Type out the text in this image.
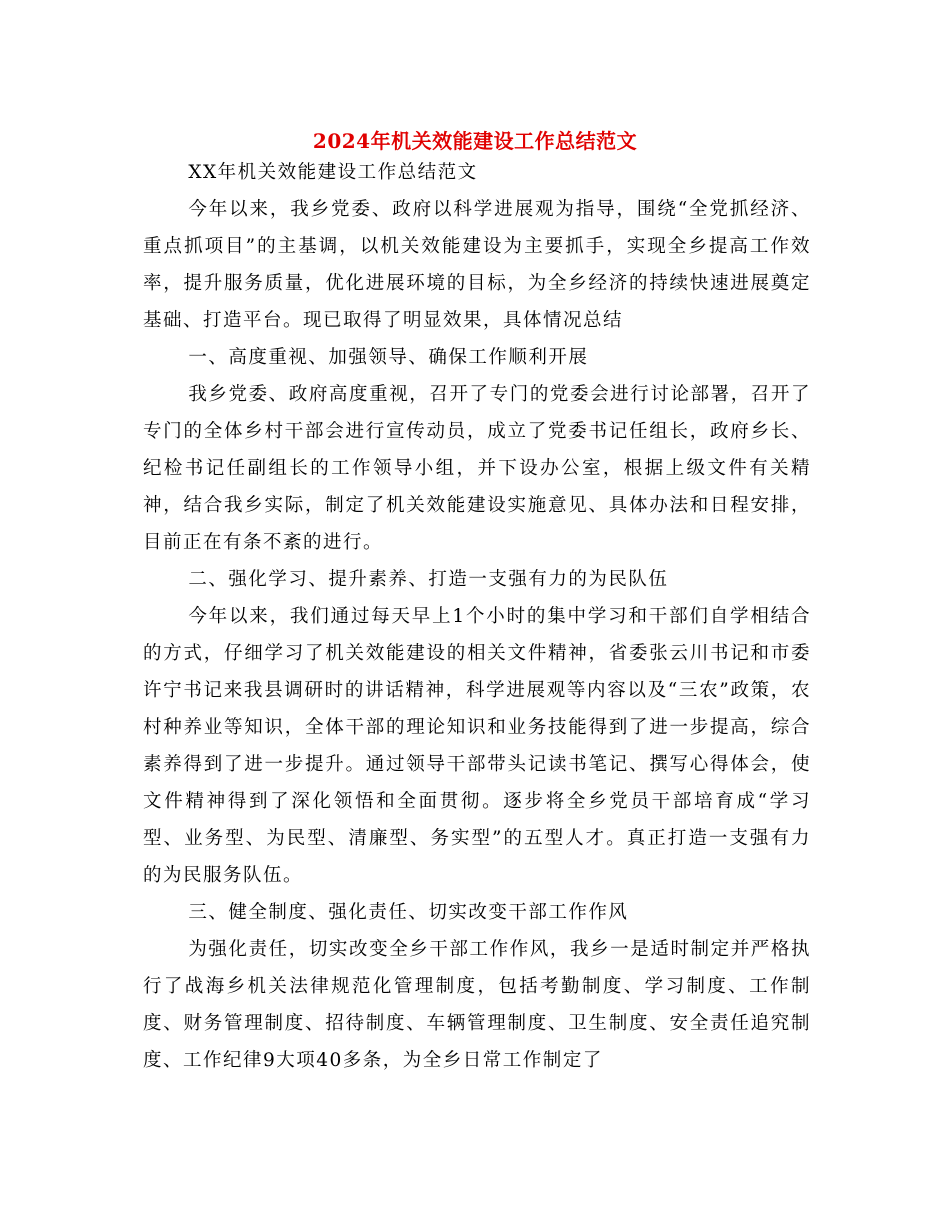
2024年机关效能建设工作总结范文

XX年机关效能建设工作总结范文

今年以来，我乡党委、政府以科学进展观为指导，围绕“全党抓经济、重点抓项目”的主基调，以机关效能建设为主要抓手，实现全乡提高工作效率，提升服务质量，优化进展环境的目标，为全乡经济的持续快速进展奠定基础、打造平台。现已取得了明显效果，具体情况总结

一、高度重视、加强领导、确保工作顺利开展

我乡党委、政府高度重视，召开了专门的党委会进行讨论部署，召开了专门的全体乡村干部会进行宣传动员，成立了党委书记任组长，政府乡长、纪检书记任副组长的工作领导小组，并下设办公室，根据上级文件有关精神，结合我乡实际，制定了机关效能建设实施意见、具体办法和日程安排，目前正在有条不紊的进行。

二、强化学习、提升素养、打造一支强有力的为民队伍

今年以来，我们通过每天早上1个小时的集中学习和干部们自学相结合的方式，仔细学习了机关效能建设的相关文件精神，省委张云川书记和市委许宁书记来我县调研时的讲话精神，科学进展观等内容以及“三农”政策，农村种养业等知识，全体干部的理论知识和业务技能得到了进一步提高，综合素养得到了进一步提升。通过领导干部带头记读书笔记、撰写心得体会，使文件精神得到了深化领悟和全面贯彻。逐步将全乡党员干部培育成“学习型、业务型、为民型、清廉型、务实型”的五型人才。真正打造一支强有力的为民服务队伍。

三、健全制度、强化责任、切实改变干部工作作风

为强化责任，切实改变全乡干部工作作风，我乡一是适时制定并严格执行了战海乡机关法律规范化管理制度，包括考勤制度、学习制度、工作制度、财务管理制度、招待制度、车辆管理制度、卫生制度、安全责任追究制度、工作纪律9大项40多条，为全乡日常工作制定了
